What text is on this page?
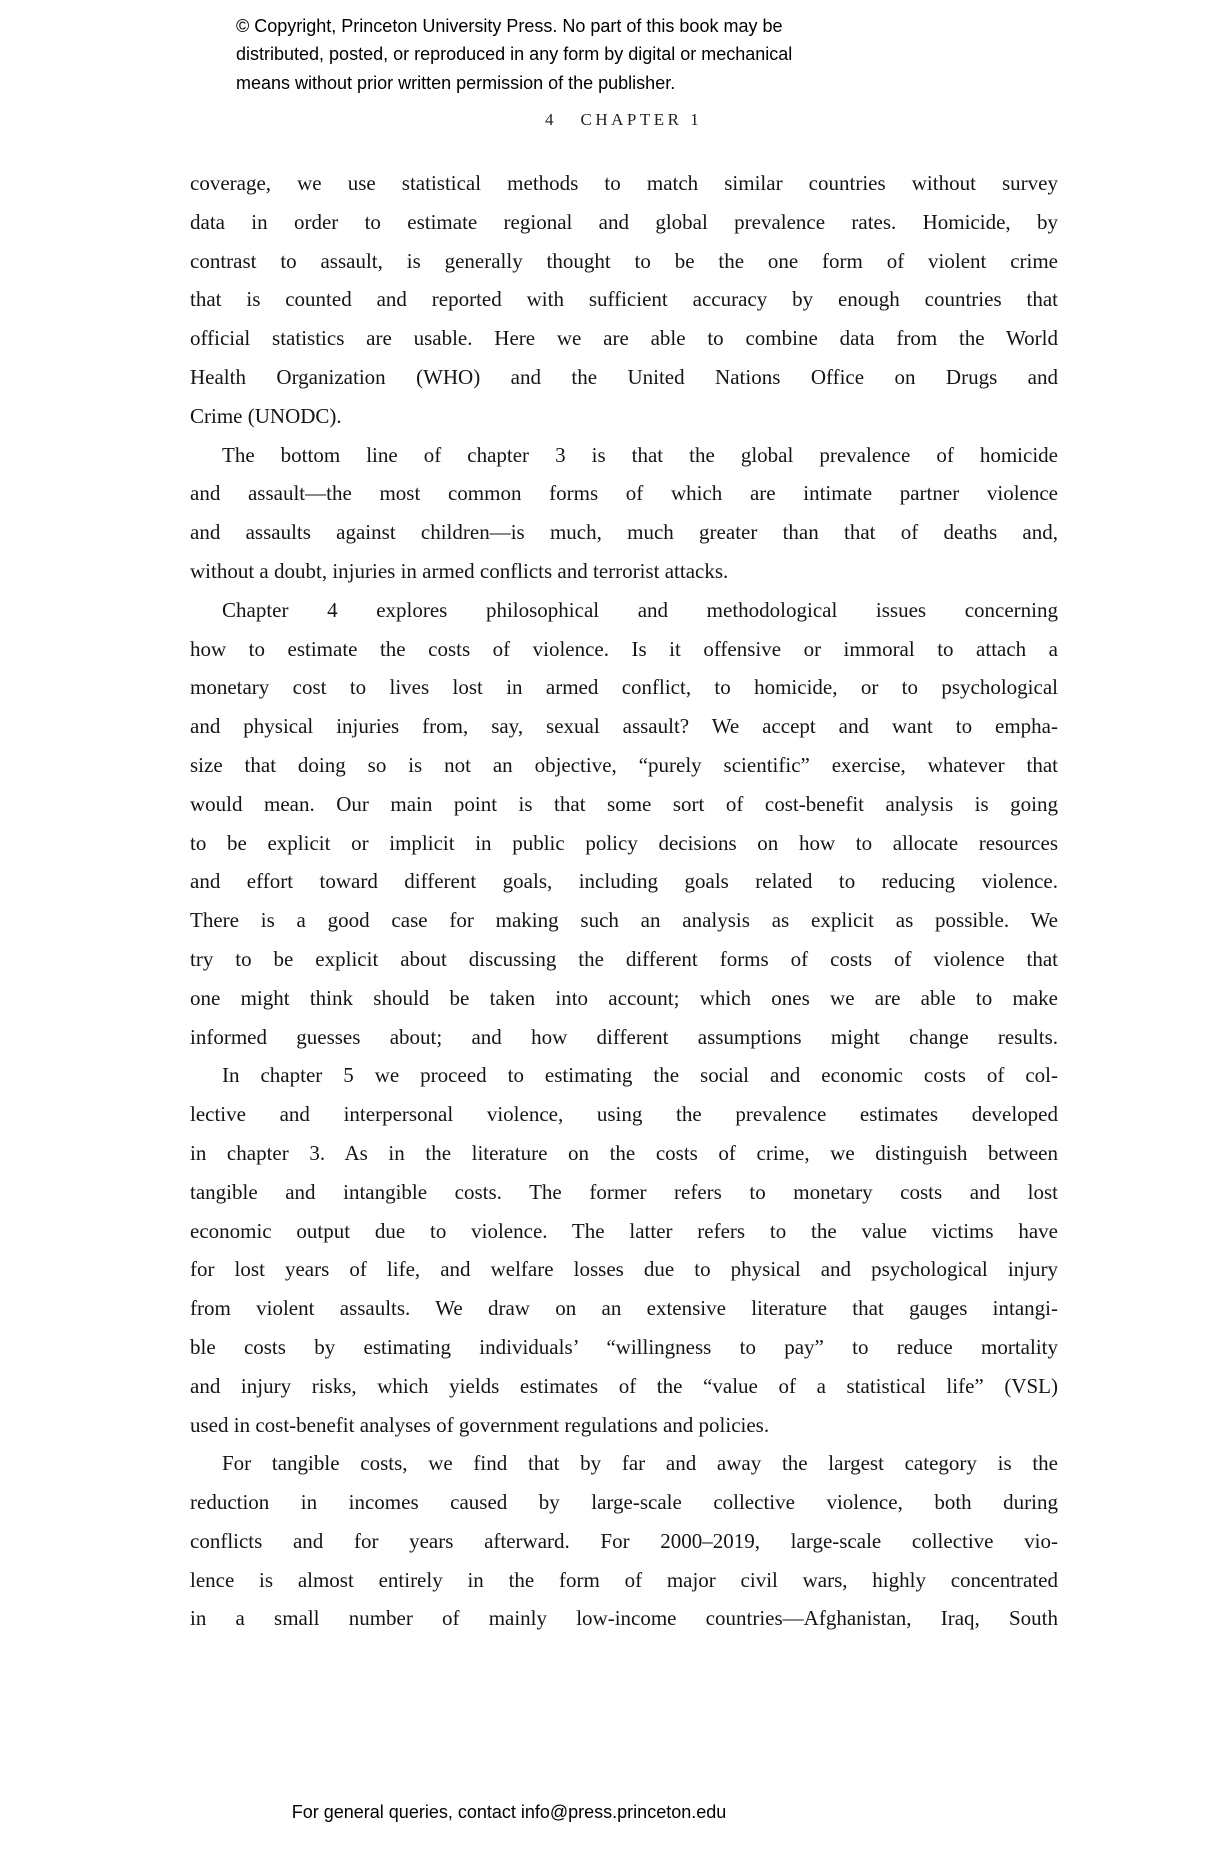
© Copyright, Princeton University Press. No part of this book may be
distributed, posted, or reproduced in any form by digital or mechanical
means without prior written permission of the publisher.
4 CHAPTER 1
coverage, we use statistical methods to match similar countries without survey
data in order to estimate regional and global prevalence rates. Homicide, by
contrast to assault, is generally thought to be the one form of violent crime
that is counted and reported with sufficient accuracy by enough countries that
official statistics are usable. Here we are able to combine data from the World
Health Organization (WHO) and the United Nations Office on Drugs and
Crime (UNODC).
The bottom line of chapter 3 is that the global prevalence of homicide
and assault—the most common forms of which are intimate partner violence
and assaults against children—is much, much greater than that of deaths and,
without a doubt, injuries in armed conflicts and terrorist attacks.
Chapter 4 explores philosophical and methodological issues concerning
how to estimate the costs of violence. Is it offensive or immoral to attach a
monetary cost to lives lost in armed conflict, to homicide, or to psychological
and physical injuries from, say, sexual assault? We accept and want to empha-
size that doing so is not an objective, “purely scientific” exercise, whatever that
would mean. Our main point is that some sort of cost-benefit analysis is going
to be explicit or implicit in public policy decisions on how to allocate resources
and effort toward different goals, including goals related to reducing violence.
There is a good case for making such an analysis as explicit as possible. We
try to be explicit about discussing the different forms of costs of violence that
one might think should be taken into account; which ones we are able to make
informed guesses about; and how different assumptions might change results.
In chapter 5 we proceed to estimating the social and economic costs of col-
lective and interpersonal violence, using the prevalence estimates developed
in chapter 3. As in the literature on the costs of crime, we distinguish between
tangible and intangible costs. The former refers to monetary costs and lost
economic output due to violence. The latter refers to the value victims have
for lost years of life, and welfare losses due to physical and psychological injury
from violent assaults. We draw on an extensive literature that gauges intangi-
ble costs by estimating individuals’ “willingness to pay” to reduce mortality
and injury risks, which yields estimates of the “value of a statistical life” (VSL)
used in cost-benefit analyses of government regulations and policies.
For tangible costs, we find that by far and away the largest category is the
reduction in incomes caused by large-scale collective violence, both during
conflicts and for years afterward. For 2000–2019, large-scale collective vio-
lence is almost entirely in the form of major civil wars, highly concentrated
in a small number of mainly low-income countries—Afghanistan, Iraq, South
For general queries, contact info@press.princeton.edu
